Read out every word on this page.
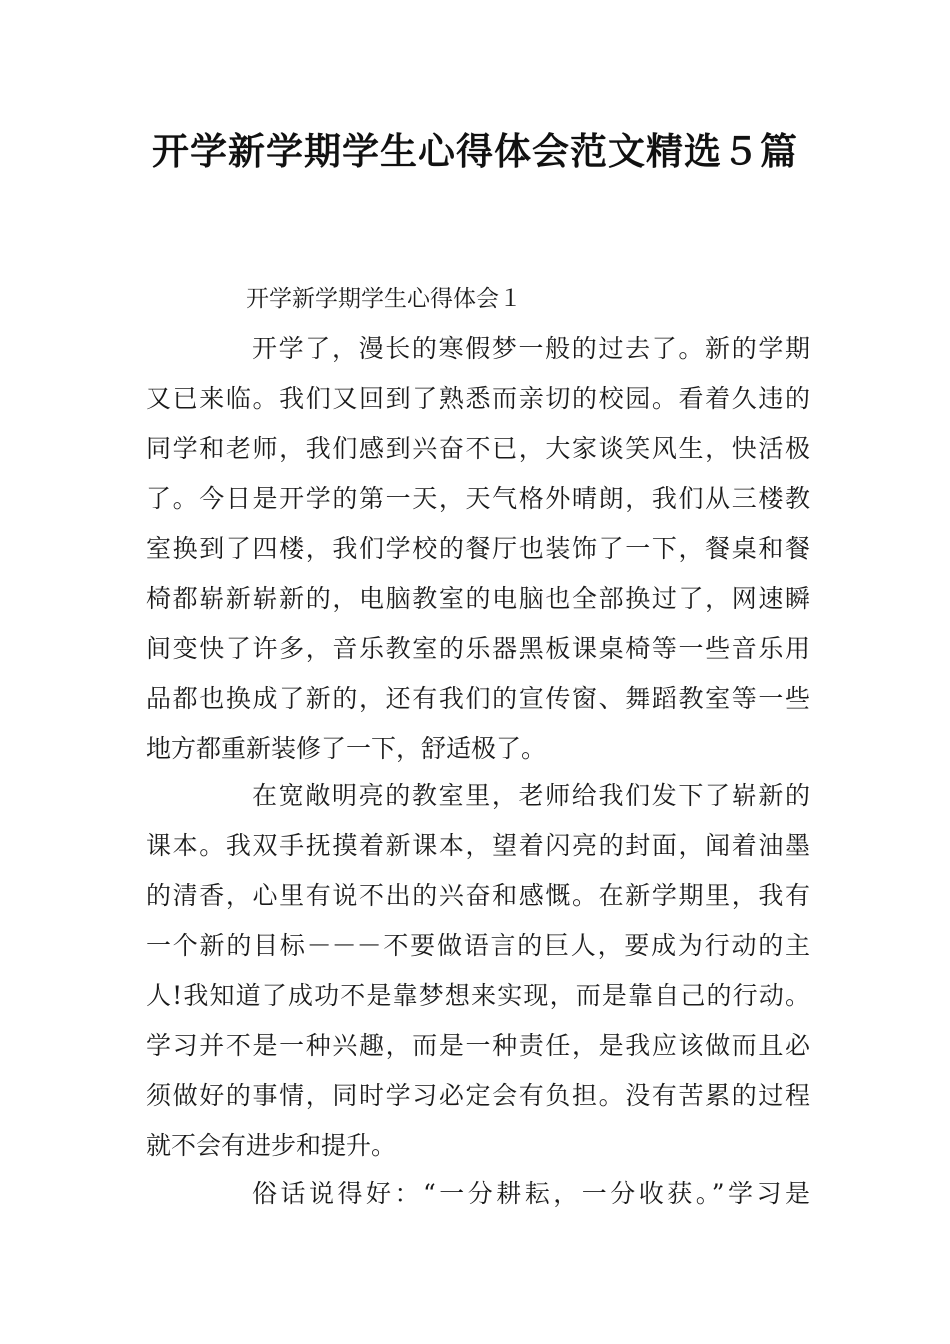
开学新学期学生心得体会范文精选５篇
开学新学期学生心得体会１
开学了，漫长的寒假梦一般的过去了。新的学期
又已来临。我们又回到了熟悉而亲切的校园。看着久违的
同学和老师，我们感到兴奋不已，大家谈笑风生，快活极
了。今日是开学的第一天，天气格外晴朗，我们从三楼教
室换到了四楼，我们学校的餐厅也装饰了一下，餐桌和餐
椅都崭新崭新的，电脑教室的电脑也全部换过了，网速瞬
间变快了许多，音乐教室的乐器黑板课桌椅等一些音乐用
品都也换成了新的，还有我们的宣传窗、舞蹈教室等一些
地方都重新装修了一下，舒适极了。
在宽敞明亮的教室里，老师给我们发下了崭新的
课本。我双手抚摸着新课本，望着闪亮的封面，闻着油墨
的清香，心里有说不出的兴奋和感慨。在新学期里，我有
一个新的目标－－－不要做语言的巨人，要成为行动的主
人!我知道了成功不是靠梦想来实现，而是靠自己的行动。
学习并不是一种兴趣，而是一种责任，是我应该做而且必
须做好的事情，同时学习必定会有负担。没有苦累的过程
就不会有进步和提升。
俗话说得好：“一分耕耘，一分收获。”学习是
